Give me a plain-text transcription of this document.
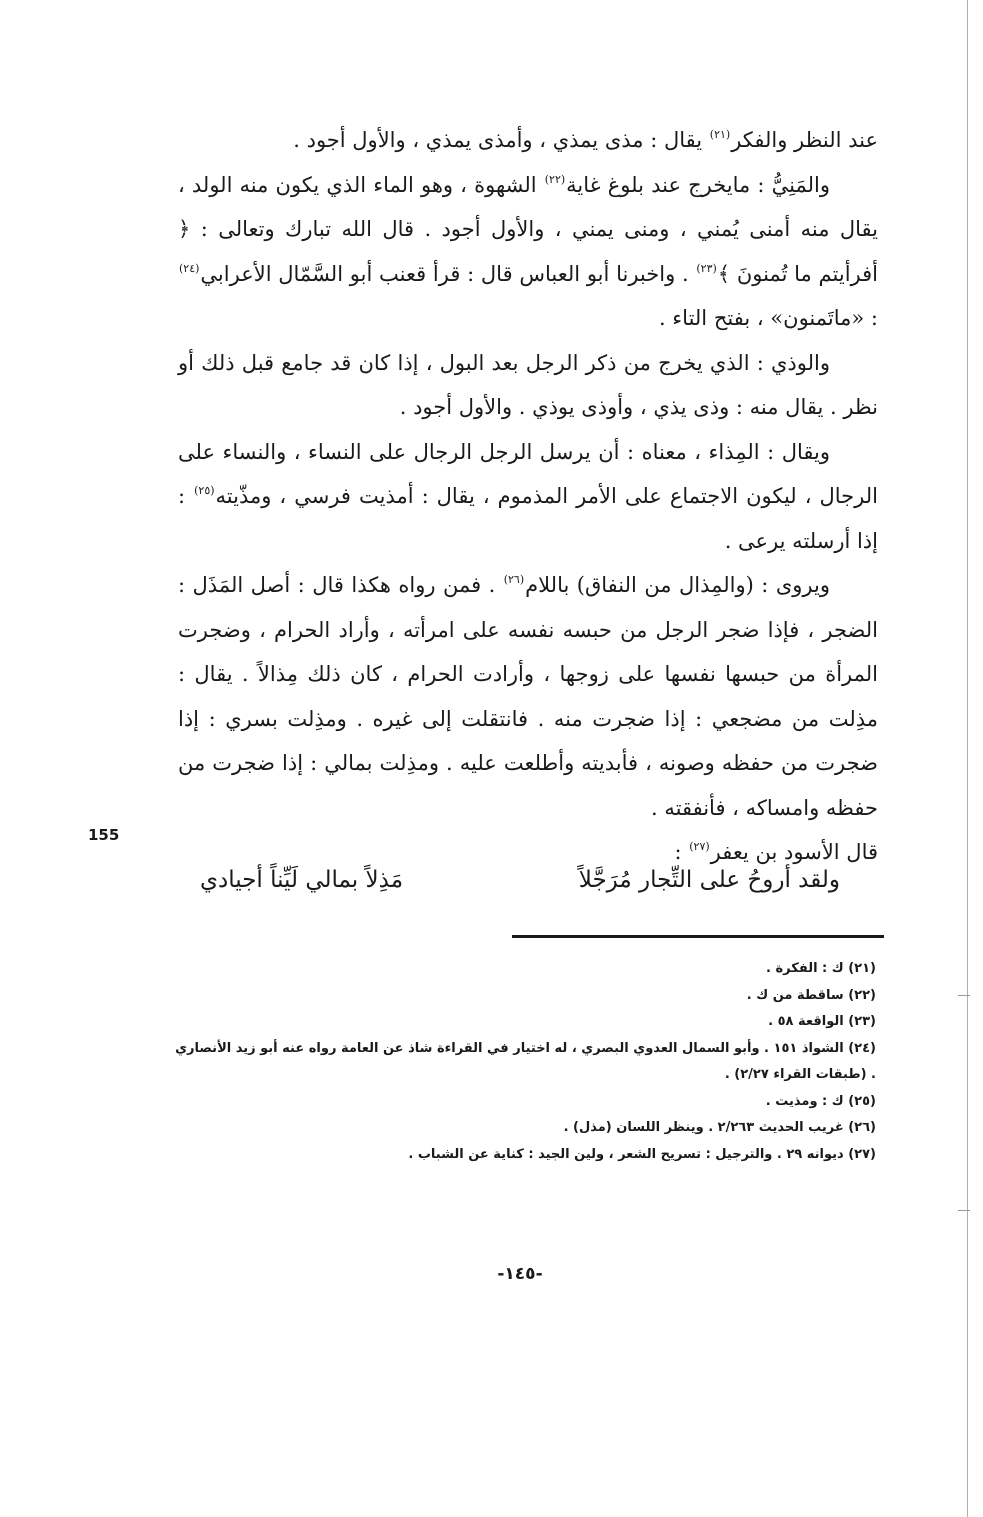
عند النظر والفكر$^{(٢١)}$ يقال : مذى يمذي ، وأمذى يمذي ، والأول أجود .

والمَنِيُّ : مايخرج عند بلوغ غاية$^{(٢٢)}$ الشهوة ، وهو الماء الذي يكون منه الولد ، يقال منه أمنى يُمني ، ومنى يمني ، والأول أجود . قال الله تبارك وتعالى : ﴿ أفرأيتم ما تُمنونَ ﴾$^{(٢٣)}$ . واخبرنا أبو العباس قال : قرأ قعنب أبو السَّمّال الأعرابي$^{(٢٤)}$ : «ماتَمنون» ، بفتح التاء .

والوذي : الذي يخرج من ذكر الرجل بعد البول ، إذا كان قد جامع قبل ذلك أو نظر . يقال منه : وذى يذي ، وأوذى يوذي . والأول أجود .

ويقال : المِذاء ، معناه : أن يرسل الرجل الرجال على النساء ، والنساء على الرجال ، ليكون الاجتماع على الأمر المذموم ، يقال : أمذيت فرسي ، ومذّيته$^{(٢٥)}$ : إذا أرسلته يرعى .

ويروى : (والمِذال من النفاق) باللام$^{(٢٦)}$ . فمن رواه هكذا قال : أصل المَذَل : الضجر ، فإذا ضجر الرجل من حبسه نفسه على امرأته ، وأراد الحرام ، وضجرت المرأة من حبسها نفسها على زوجها ، وأرادت الحرام ، كان ذلك مِذالاً . يقال : مذِلت من مضجعي : إذا ضجرت منه . فانتقلت إلى غيره . ومذِلت بسري : إذا ضجرت من حفظه وصونه ، فأبديته وأطلعت عليه . ومذِلت بمالي : إذا ضجرت من حفظه وامساكه ، فأنفقته .

قال الأسود بن يعفر$^{(٢٧)}$ :

155
ولقد أروحُ على التِّجار مُرَجَّلاً
مَذِلاً بمالي لَيِّناً أجيادي

(٢١) ك : الفكرة .

(٢٢) ساقطة من ك .

(٢٣) الواقعة ٥٨ .

(٢٤) الشواذ ١٥١ . وأبو السمال العدوي البصري ، له اختيار في القراءة شاذ عن العامة رواه عنه أبو زيد الأنصاري . (طبقات القراء ٢/٢٧) .

(٢٥) ك : ومذيت .

(٢٦) غريب الحديث ٢/٢٦٣ . وينظر اللسان (مذل) .

(٢٧) ديوانه ٢٩ . والترجيل : تسريح الشعر ، ولين الجيد : كناية عن الشباب .

-١٤٥-
